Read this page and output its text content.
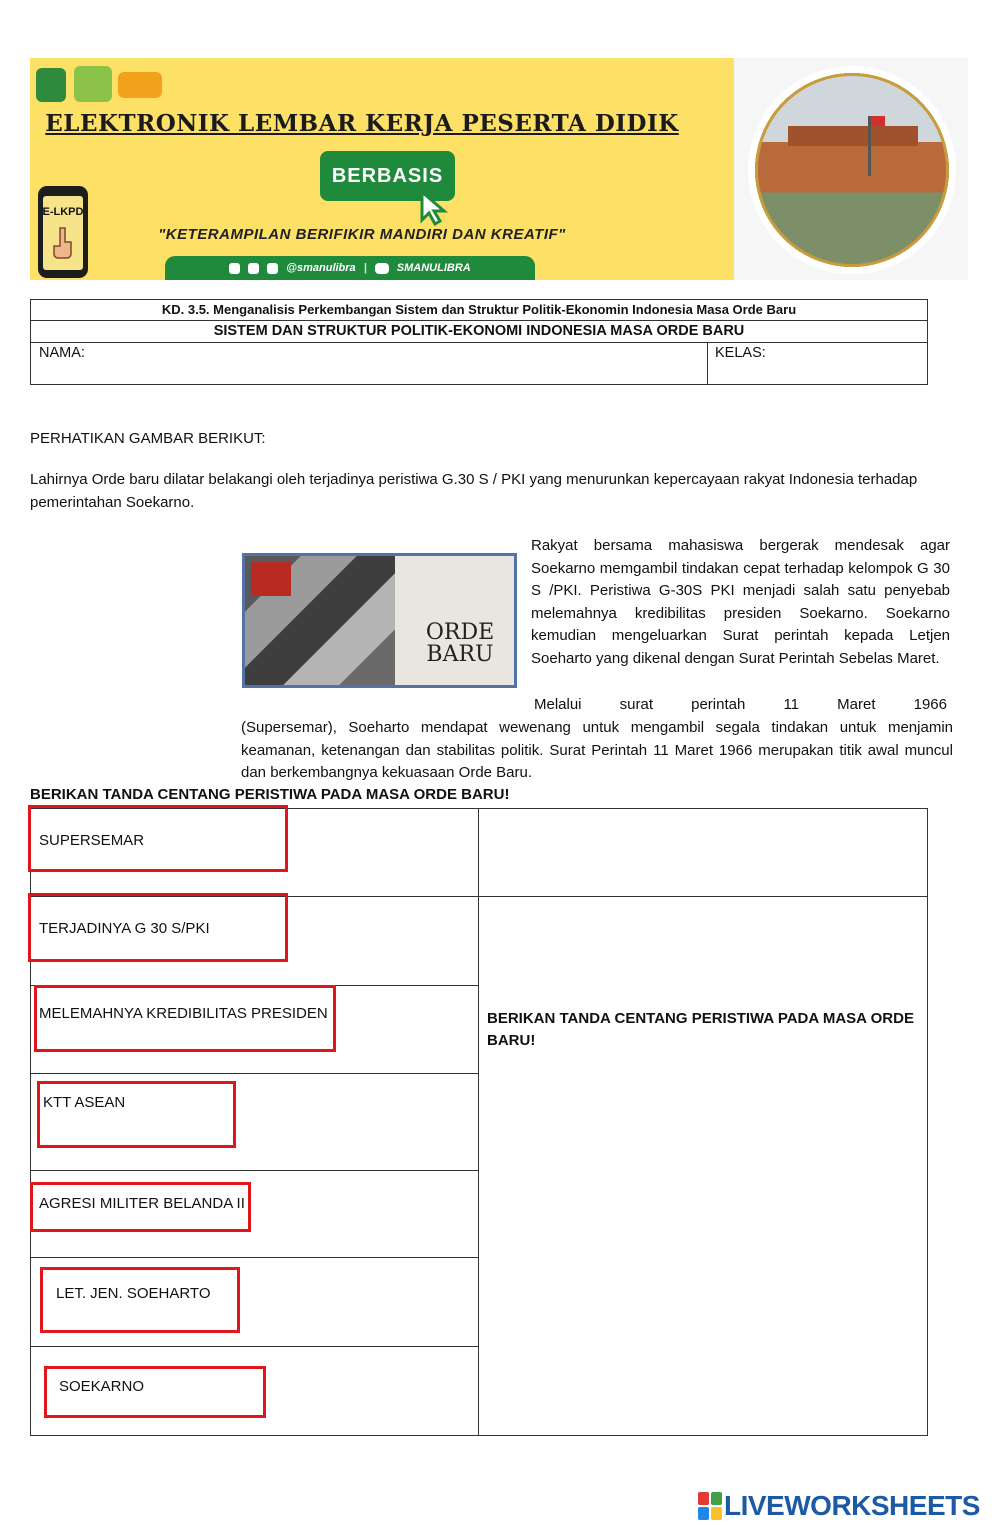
ELEKTRONIK LEMBAR KERJA PESERTA DIDIK
BERBASIS
"KETERAMPILAN BERIFIKIR MANDIRI DAN KREATIF"
E-LKPD
@smanulibra |	SMANULIBRA
KD. 3.5. Menganalisis Perkembangan Sistem dan Struktur Politik-Ekonomin Indonesia Masa Orde Baru
SISTEM DAN STRUKTUR POLITIK-EKONOMI INDONESIA MASA ORDE BARU
NAMA:	KELAS:
PERHATIKAN GAMBAR BERIKUT:
Lahirnya Orde baru dilatar belakangi oleh terjadinya peristiwa G.30 S / PKI yang menurunkan kepercayaan rakyat Indonesia terhadap pemerintahan Soekarno.
ORDE
BARU
Rakyat bersama mahasiswa bergerak mendesak agar Soekarno memgambil tindakan cepat terhadap kelompok G 30 S /PKI. Peristiwa G-30S PKI menjadi salah satu penyebab melemahnya kredibilitas presiden Soekarno. Soekarno kemudian mengeluarkan Surat perintah kepada Letjen Soeharto yang dikenal dengan Surat Perintah Sebelas Maret.
Melalui surat perintah 11 Maret 1966
(Supersemar), Soeharto mendapat wewenang untuk mengambil segala tindakan untuk menjamin keamanan, ketenangan dan stabilitas politik. Surat Perintah 11 Maret 1966 merupakan titik awal muncul dan berkembangnya kekuasaan Orde Baru.
BERIKAN TANDA CENTANG PERISTIWA PADA MASA ORDE BARU!
SUPERSEMAR
TERJADINYA G 30 S/PKI
MELEMAHNYA KREDIBILITAS PRESIDEN
KTT ASEAN
AGRESI MILITER BELANDA II
LET. JEN. SOEHARTO
SOEKARNO
BERIKAN TANDA CENTANG PERISTIWA PADA MASA ORDE BARU!
LIVEWORKSHEETS
